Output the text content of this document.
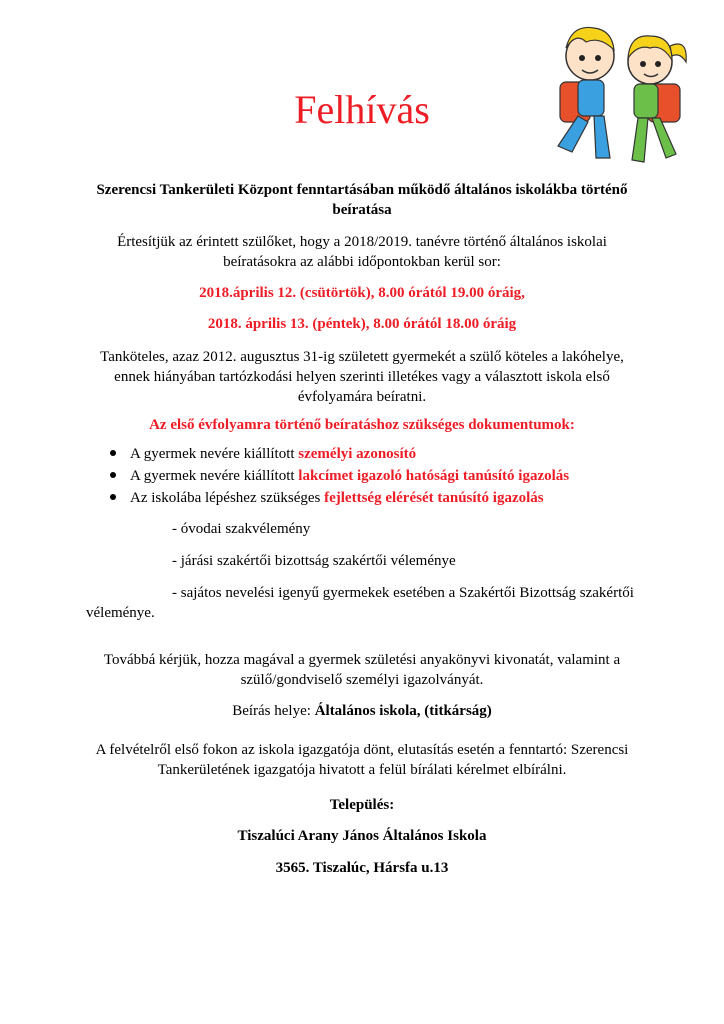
Felhívás
Szerencsi Tankerületi Központ fenntartásában működő általános iskolákba történő beíratása
Értesítjük az érintett szülőket, hogy a 2018/2019. tanévre történő általános iskolai beíratásokra az alábbi időpontokban kerül sor:
2018.április 12. (csütörtök), 8.00 órától 19.00 óráig,
2018. április 13. (péntek), 8.00 órától 18.00 óráig
Tanköteles, azaz 2012. augusztus 31-ig született gyermekét a szülő köteles a lakóhelye, ennek hiányában tartózkodási helyen szerinti illetékes vagy a választott iskola első évfolyamára beíratni.
Az első évfolyamra történő beíratáshoz szükséges dokumentumok:
A gyermek nevére kiállított személyi azonosító
A gyermek nevére kiállított lakcímet igazoló hatósági tanúsító igazolás
Az iskolába lépéshez szükséges fejlettség elérését tanúsító igazolás
- óvodai szakvélemény
- járási szakértői bizottság szakértői véleménye
- sajátos nevelési igenyű gyermekek esetében a Szakértői Bizottság szakértői
véleménye.
Továbbá kérjük, hozza magával a gyermek születési anyakönyvi kivonatát, valamint a szülő/gondviselő személyi igazolványát.
Beírás helye: Általános iskola, (titkárság)
A felvételről első fokon az iskola igazgatója dönt, elutasítás esetén a fenntartó: Szerencsi Tankerületének igazgatója hivatott a felül bírálati kérelmet elbírálni.
Település:
Tiszalúci Arany János Általános Iskola
3565. Tiszalúc, Hársfa u.13
